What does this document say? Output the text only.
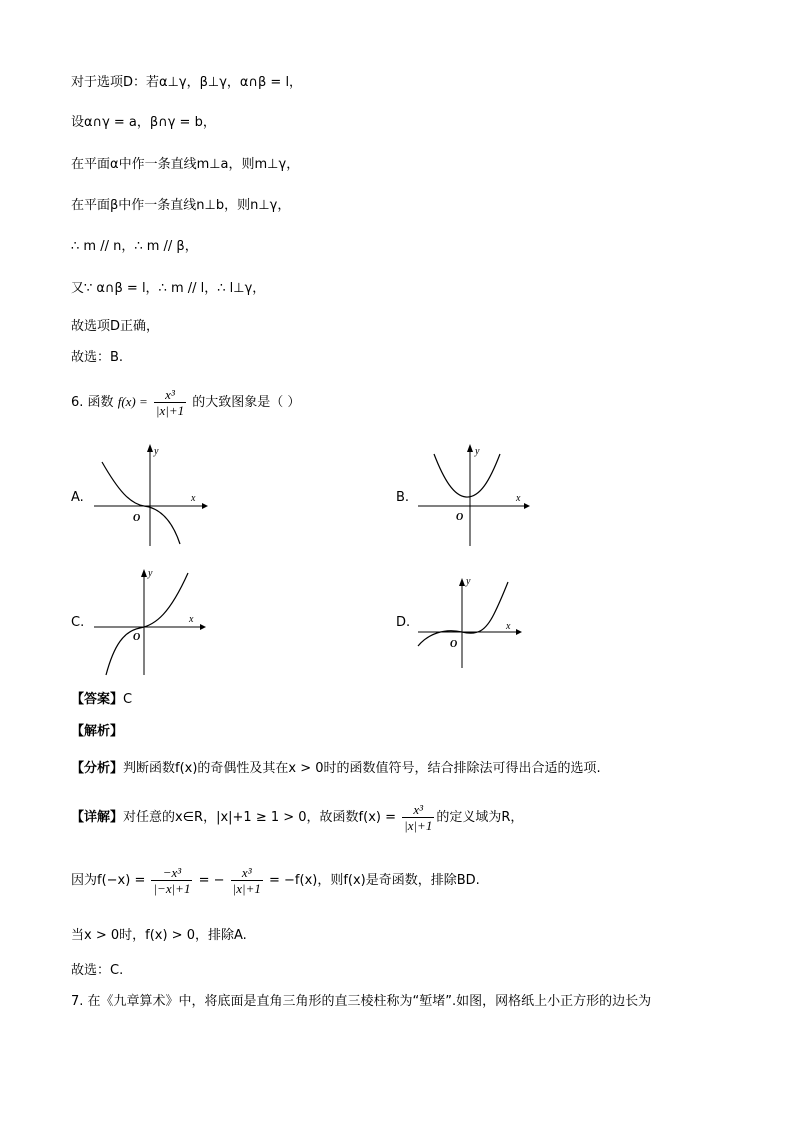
对于选项D：若α⊥γ，β⊥γ，α∩β = l，
设α∩γ = a，β∩γ = b，
在平面α中作一条直线m⊥a，则m⊥γ，
在平面β中作一条直线n⊥b，则n⊥γ，
∴ m // n，∴ m // β，
又∵ α∩β = l，∴ m // l，∴ l⊥γ，
故选项D正确，
故选：B.
6. 函数 $f(x) = \frac{\text{x³}}{|x|+1}$ 的大致图象是（ ）
A.	x
y
O
B.	x
y
O
C.	x
y
O
D.	x
y
O
【答案】C
【解析】
【分析】判断函数f(x)的奇偶性及其在x > 0时的函数值符号，结合排除法可得出合适的选项.
【详解】对任意的x∈R，|x|+1 ≥ 1 > 0，故函数$f(x) = \frac{\text{x³}}{|x|+1}$ 的定义域为R，
因为$f(-x) = \frac{\text{−x³}}{|-x|+1}$ = − $\frac{\text{x³}}{|x|+1} = -f(x)$，则f(x)是奇函数，排除BD.
当x > 0时，f(x) > 0，排除A.
故选：C.
7. 在《九章算术》中，将底面是直角三角形的直三棱柱称为“堑堵”.如图，网格纸上小正方形的边长为
